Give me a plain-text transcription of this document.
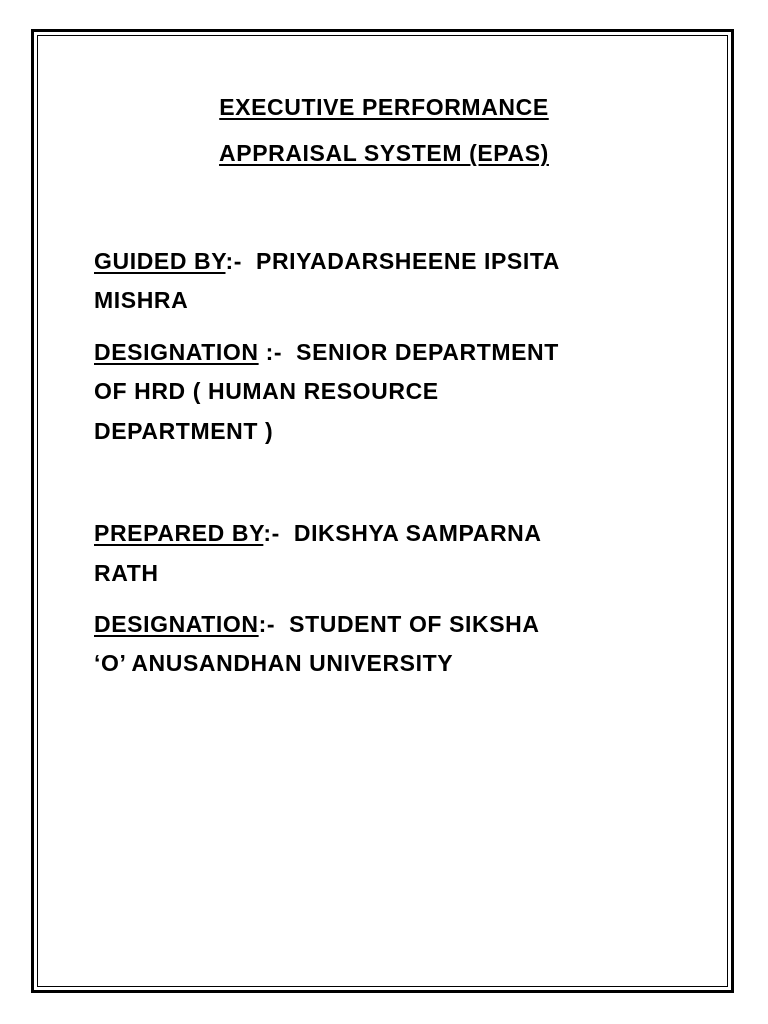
EXECUTIVE PERFORMANCE
APPRAISAL SYSTEM (EPAS)
GUIDED BY:- PRIYADARSHEENE IPSITA
MISHRA
DESIGNATION :- SENIOR DEPARTMENT
OF HRD ( HUMAN RESOURCE
DEPARTMENT )
PREPARED BY:- DIKSHYA SAMPARNA
RATH
DESIGNATION:- STUDENT OF SIKSHA
‘O’ ANUSANDHAN UNIVERSITY
